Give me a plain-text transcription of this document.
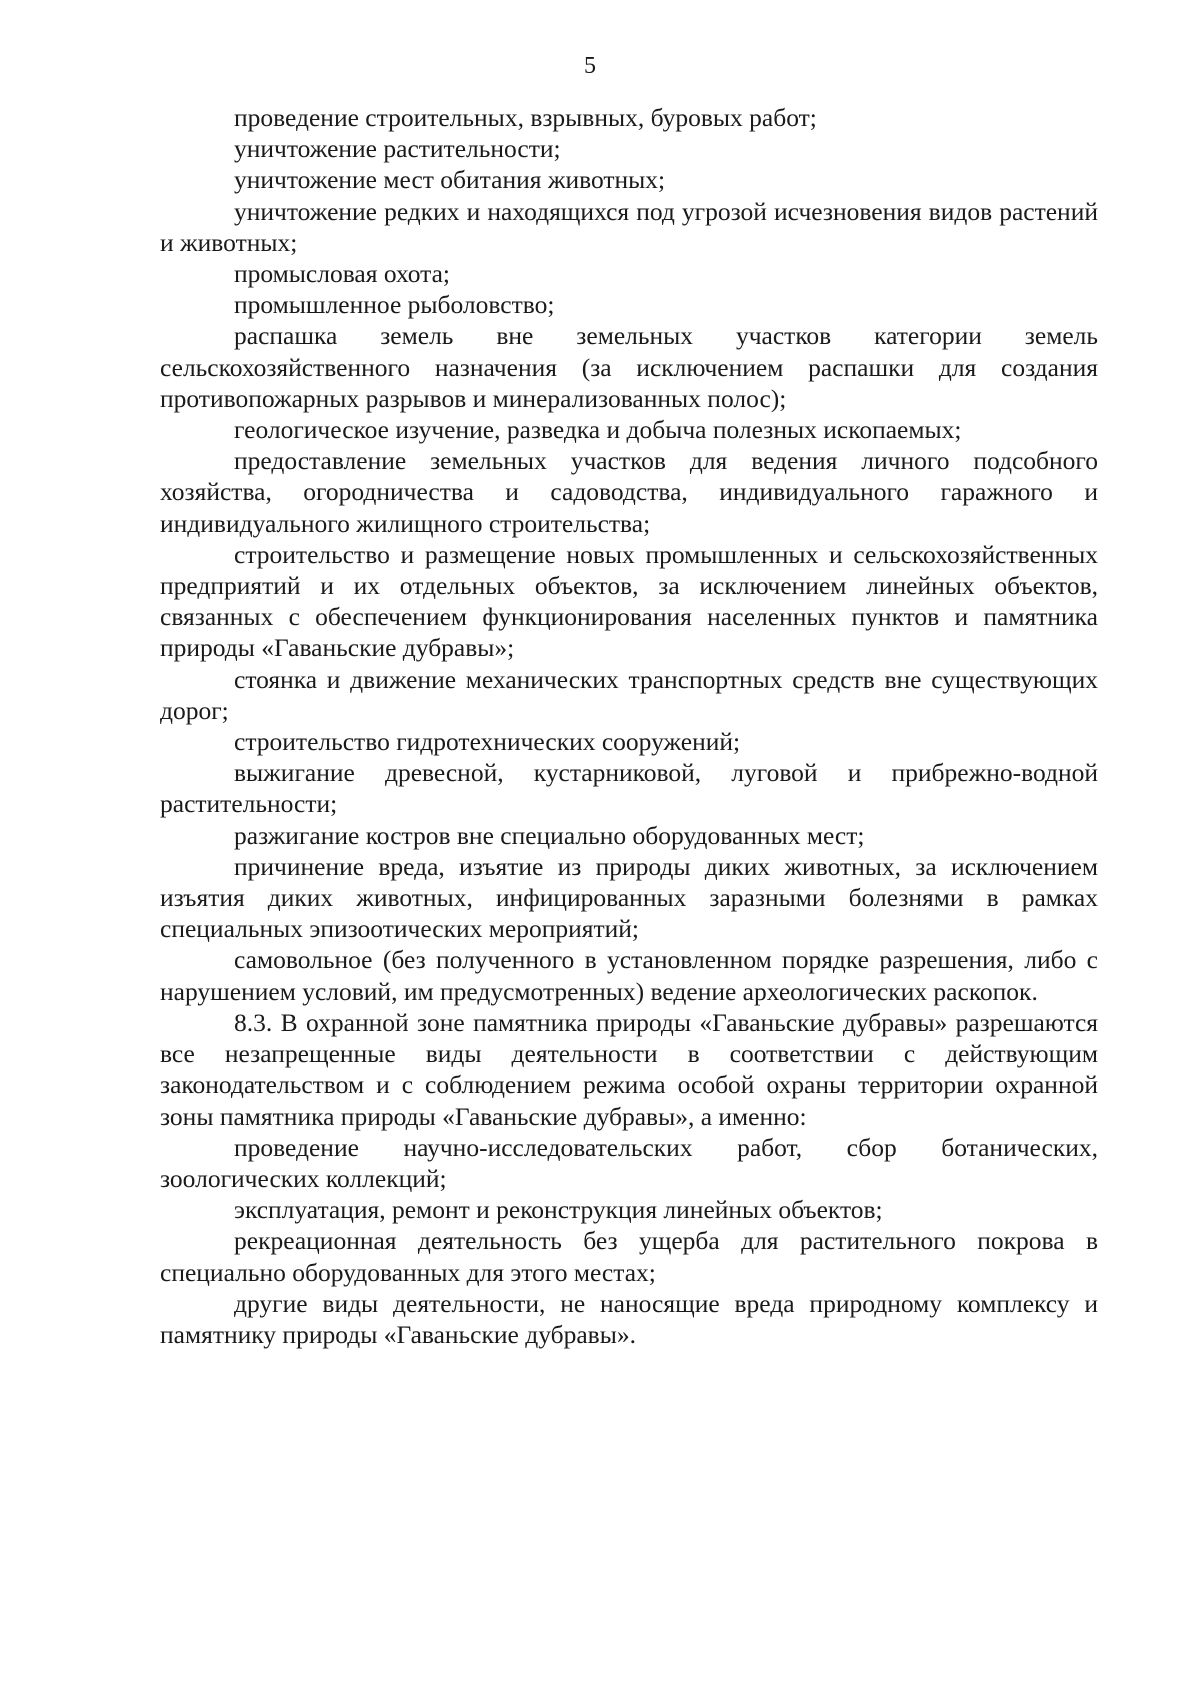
5

проведение строительных, взрывных, буровых работ;

уничтожение растительности;

уничтожение мест обитания животных;

уничтожение редких и находящихся под угрозой исчезновения видов растений и животных;

промысловая охота;

промышленное рыболовство;

распашка земель вне земельных участков категории земель сельскохозяйственного назначения (за исключением распашки для создания противопожарных разрывов и минерализованных полос);

геологическое изучение, разведка и добыча полезных ископаемых;

предоставление земельных участков для ведения личного подсобного хозяйства, огородничества и садоводства, индивидуального гаражного и индивидуального жилищного строительства;

строительство и размещение новых промышленных и сельскохозяйственных предприятий и их отдельных объектов, за исключением линейных объектов, связанных с обеспечением функционирования населенных пунктов и памятника природы «Гаваньские дубравы»;

стоянка и движение механических транспортных средств вне существующих дорог;

строительство гидротехнических сооружений;

выжигание древесной, кустарниковой, луговой и прибрежно-водной растительности;

разжигание костров вне специально оборудованных мест;

причинение вреда, изъятие из природы диких животных, за исключением изъятия диких животных, инфицированных заразными болезнями в рамках специальных эпизоотических мероприятий;

самовольное (без полученного в установленном порядке разрешения, либо с нарушением условий, им предусмотренных) ведение археологических раскопок.

8.3. В охранной зоне памятника природы «Гаваньские дубравы» разрешаются все незапрещенные виды деятельности в соответствии с действующим законодательством и с соблюдением режима особой охраны территории охранной зоны памятника природы «Гаваньские дубравы», а именно:

проведение научно-исследовательских работ, сбор ботанических, зоологических коллекций;

эксплуатация, ремонт и реконструкция линейных объектов;

рекреационная деятельность без ущерба для растительного покрова в специально оборудованных для этого местах;

другие виды деятельности, не наносящие вреда природному комплексу и памятнику природы «Гаваньские дубравы».
